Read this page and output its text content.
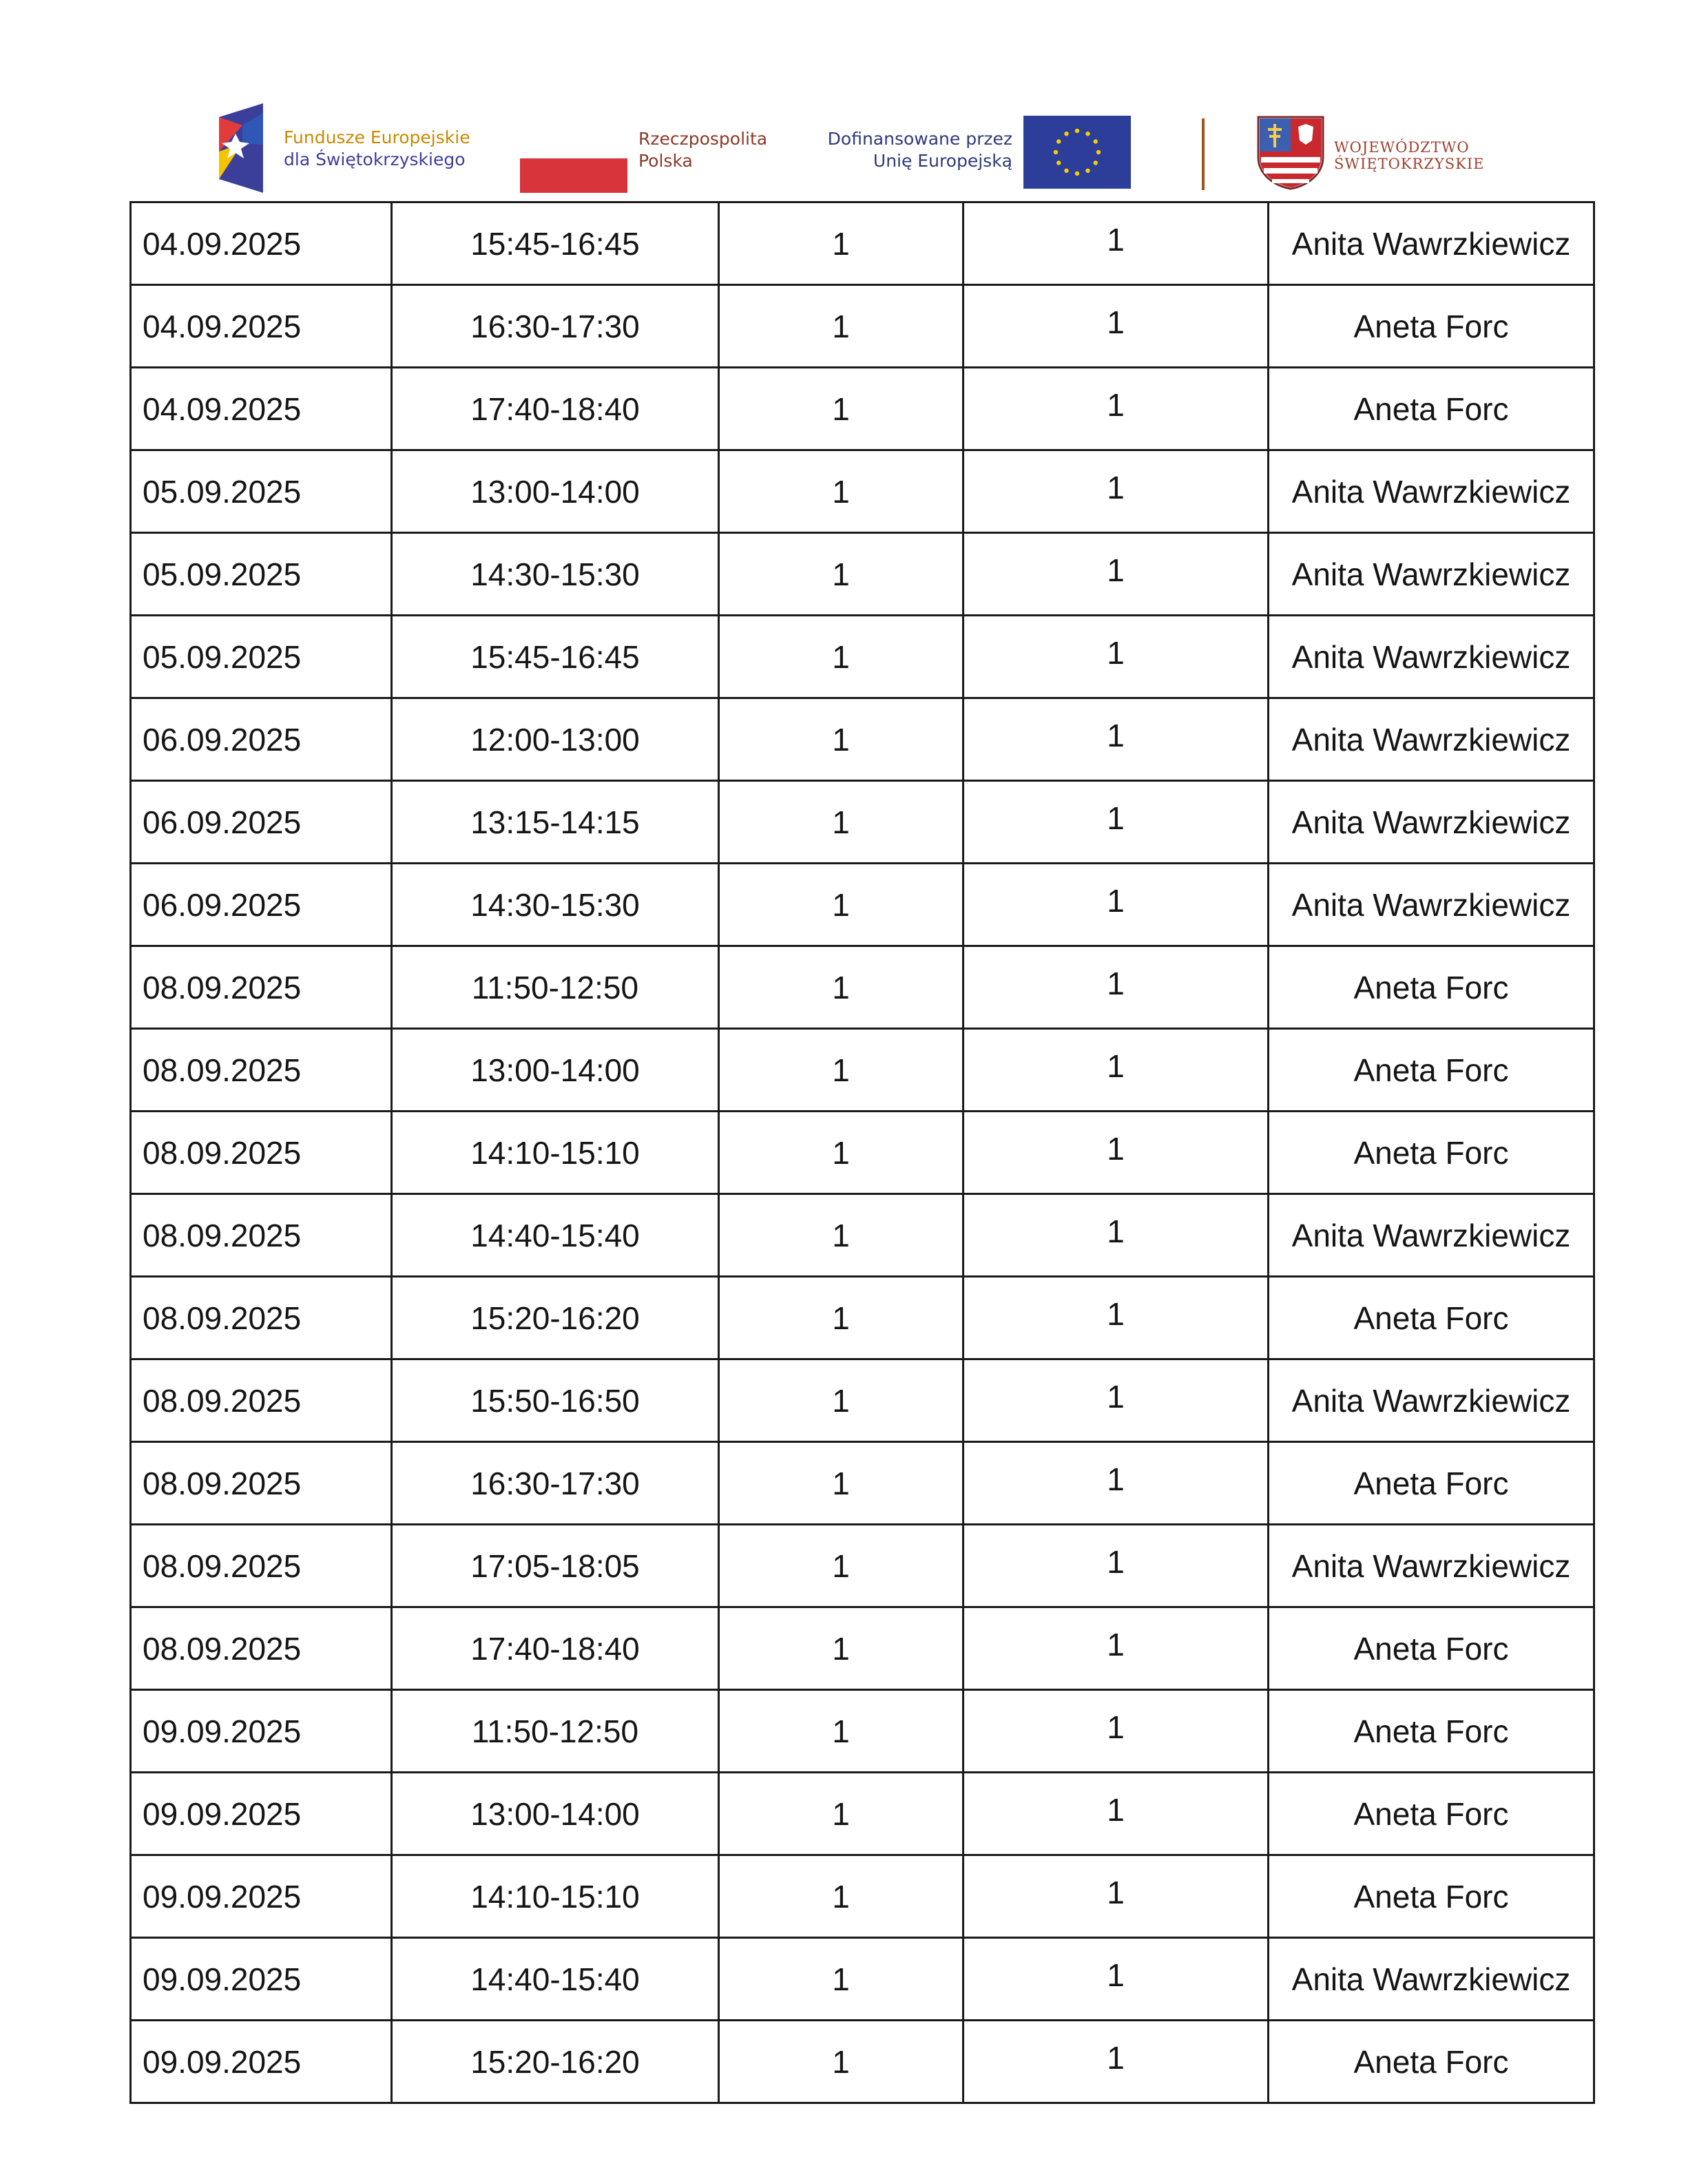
Fundusze Europejskie
dla Świętokrzyskiego
Rzeczpospolita
Polska
Dofinansowane przez
Unię Europejską
WOJEWÓDZTWO
ŚWIĘTOKRZYSKIE
04.09.2025	15:45-16:45	1	1	Anita Wawrzkiewicz
04.09.2025	16:30-17:30	1	1	Aneta Forc
04.09.2025	17:40-18:40	1	1	Aneta Forc
05.09.2025	13:00-14:00	1	1	Anita Wawrzkiewicz
05.09.2025	14:30-15:30	1	1	Anita Wawrzkiewicz
05.09.2025	15:45-16:45	1	1	Anita Wawrzkiewicz
06.09.2025	12:00-13:00	1	1	Anita Wawrzkiewicz
06.09.2025	13:15-14:15	1	1	Anita Wawrzkiewicz
06.09.2025	14:30-15:30	1	1	Anita Wawrzkiewicz
08.09.2025	11:50-12:50	1	1	Aneta Forc
08.09.2025	13:00-14:00	1	1	Aneta Forc
08.09.2025	14:10-15:10	1	1	Aneta Forc
08.09.2025	14:40-15:40	1	1	Anita Wawrzkiewicz
08.09.2025	15:20-16:20	1	1	Aneta Forc
08.09.2025	15:50-16:50	1	1	Anita Wawrzkiewicz
08.09.2025	16:30-17:30	1	1	Aneta Forc
08.09.2025	17:05-18:05	1	1	Anita Wawrzkiewicz
08.09.2025	17:40-18:40	1	1	Aneta Forc
09.09.2025	11:50-12:50	1	1	Aneta Forc
09.09.2025	13:00-14:00	1	1	Aneta Forc
09.09.2025	14:10-15:10	1	1	Aneta Forc
09.09.2025	14:40-15:40	1	1	Anita Wawrzkiewicz
09.09.2025	15:20-16:20	1	1	Aneta Forc
